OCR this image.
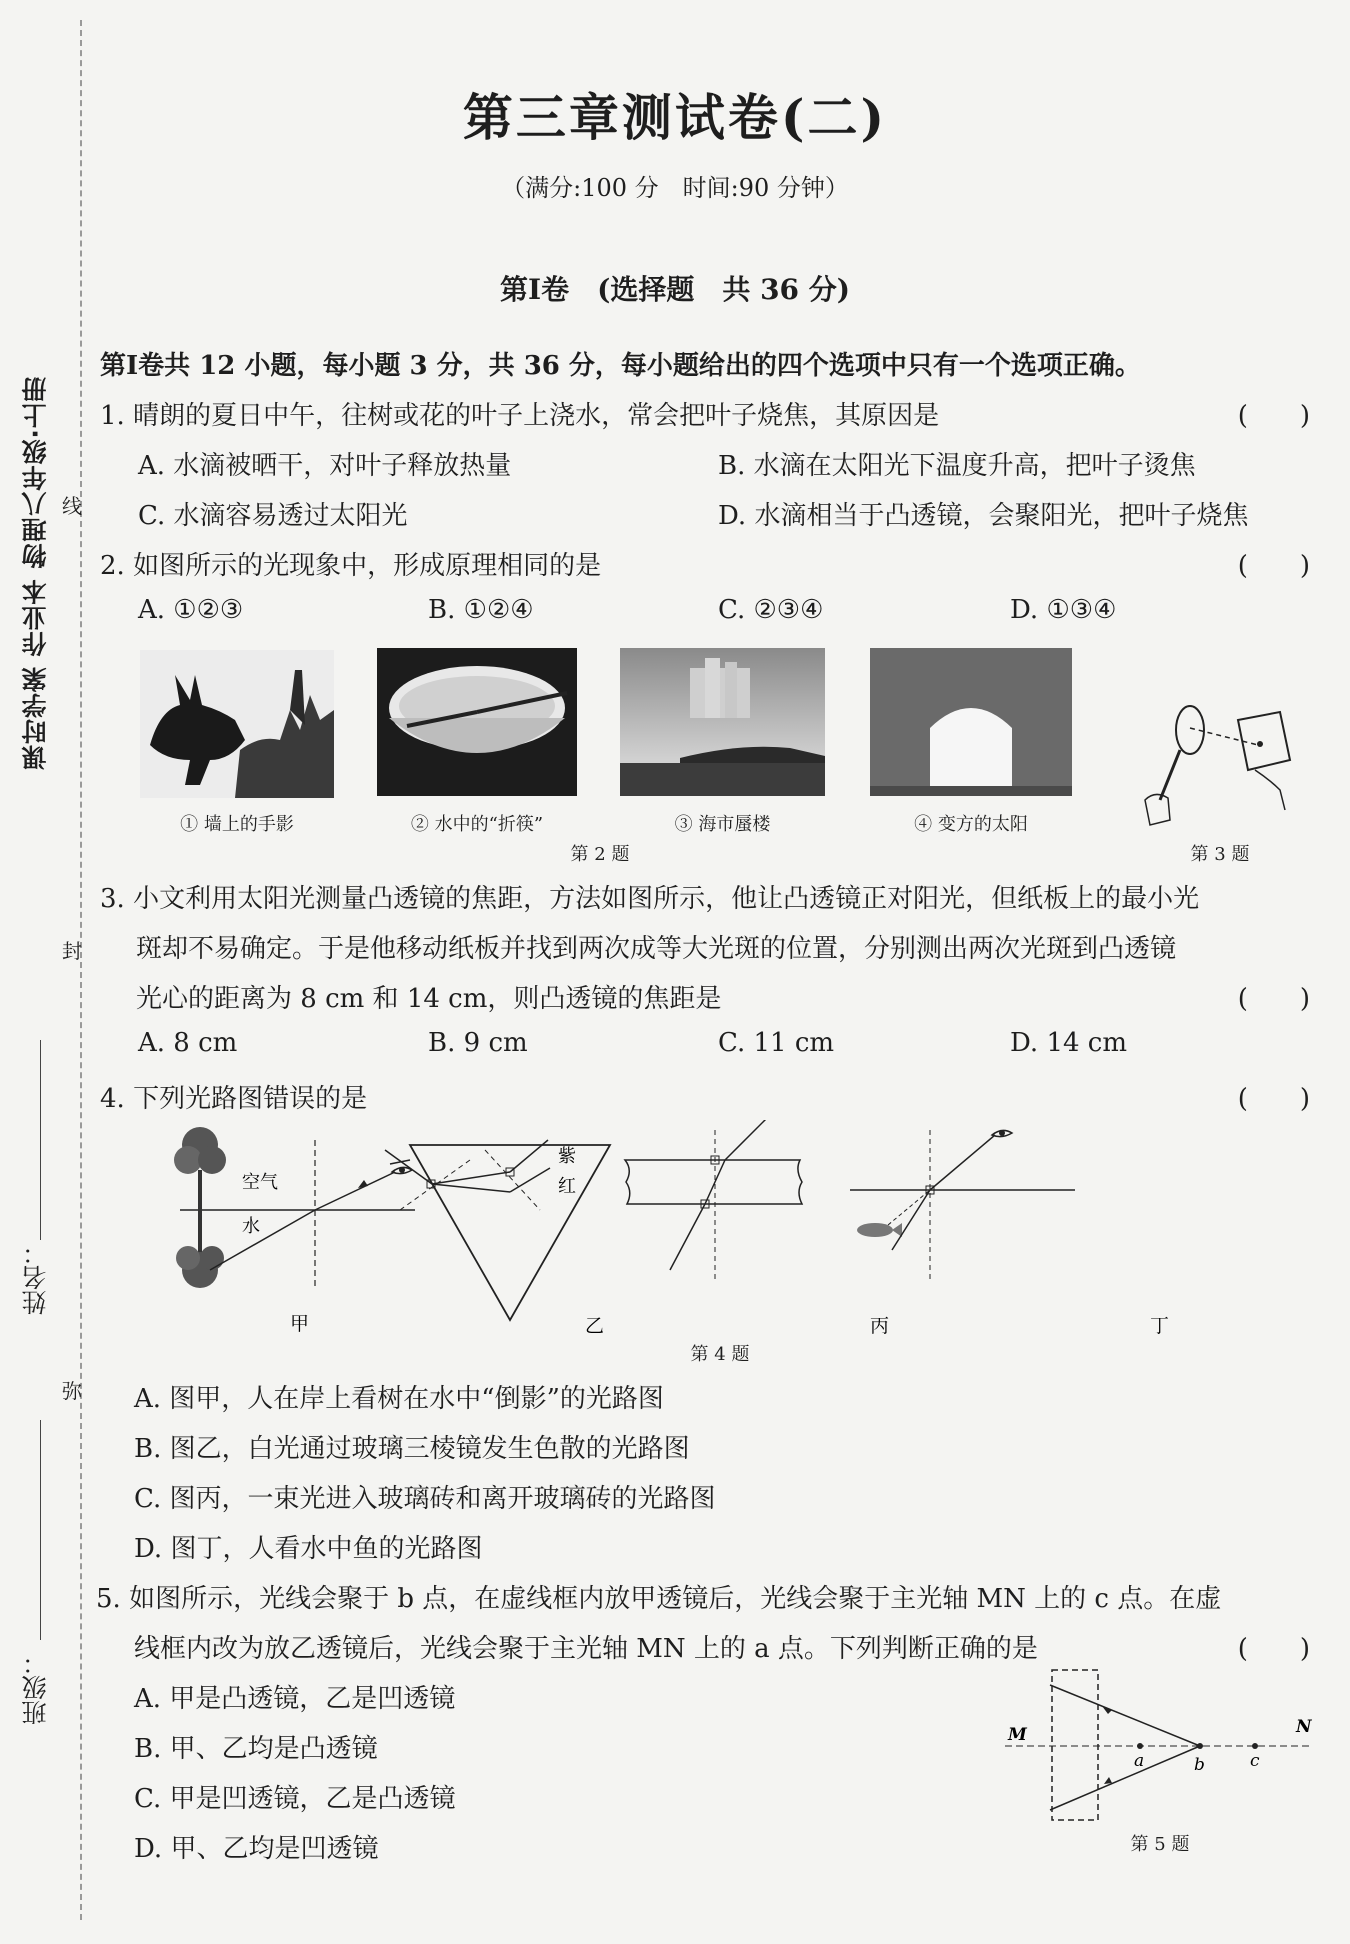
课时学案 作业本 物理八年级·上册
姓名：
班级：
线
封
弥
第三章测试卷(二)
（满分:100 分　时间:90 分钟）
第Ⅰ卷　(选择题　共 36 分)
第Ⅰ卷共 12 小题，每小题 3 分，共 36 分，每小题给出的四个选项中只有一个选项正确。
1. 晴朗的夏日中午，往树或花的叶子上浇水，常会把叶子烧焦，其原因是	(　　)
A. 水滴被晒干，对叶子释放热量	B. 水滴在太阳光下温度升高，把叶子烫焦
C. 水滴容易透过太阳光	D. 水滴相当于凸透镜，会聚阳光，把叶子烧焦
2. 如图所示的光现象中，形成原理相同的是	(　　)
A. ①②③	B. ①②④	C. ②③④	D. ①③④
① 墙上的手影	② 水中的“折筷”	③ 海市蜃楼	④ 变方的太阳
第 2 题	第 3 题
3. 小文利用太阳光测量凸透镜的焦距，方法如图所示，他让凸透镜正对阳光，但纸板上的最小光
斑却不易确定。于是他移动纸板并找到两次成等大光斑的位置，分别测出两次光斑到凸透镜
光心的距离为 8 cm 和 14 cm，则凸透镜的焦距是	(　　)
A. 8 cm	B. 9 cm	C. 11 cm	D. 14 cm
4. 下列光路图错误的是	(　　)
空气
水
紫
红
甲	乙	丙	丁
第 4 题
A. 图甲，人在岸上看树在水中“倒影”的光路图
B. 图乙，白光通过玻璃三棱镜发生色散的光路图
C. 图丙，一束光进入玻璃砖和离开玻璃砖的光路图
D. 图丁，人看水中鱼的光路图
5. 如图所示，光线会聚于 b 点，在虚线框内放甲透镜后，光线会聚于主光轴 MN 上的 c 点。在虚
线框内改为放乙透镜后，光线会聚于主光轴 MN 上的 a 点。下列判断正确的是	(　　)
A. 甲是凸透镜，乙是凹透镜
B. 甲、乙均是凸透镜
C. 甲是凹透镜，乙是凸透镜
D. 甲、乙均是凹透镜
M	N
a	b	c
第 5 题
